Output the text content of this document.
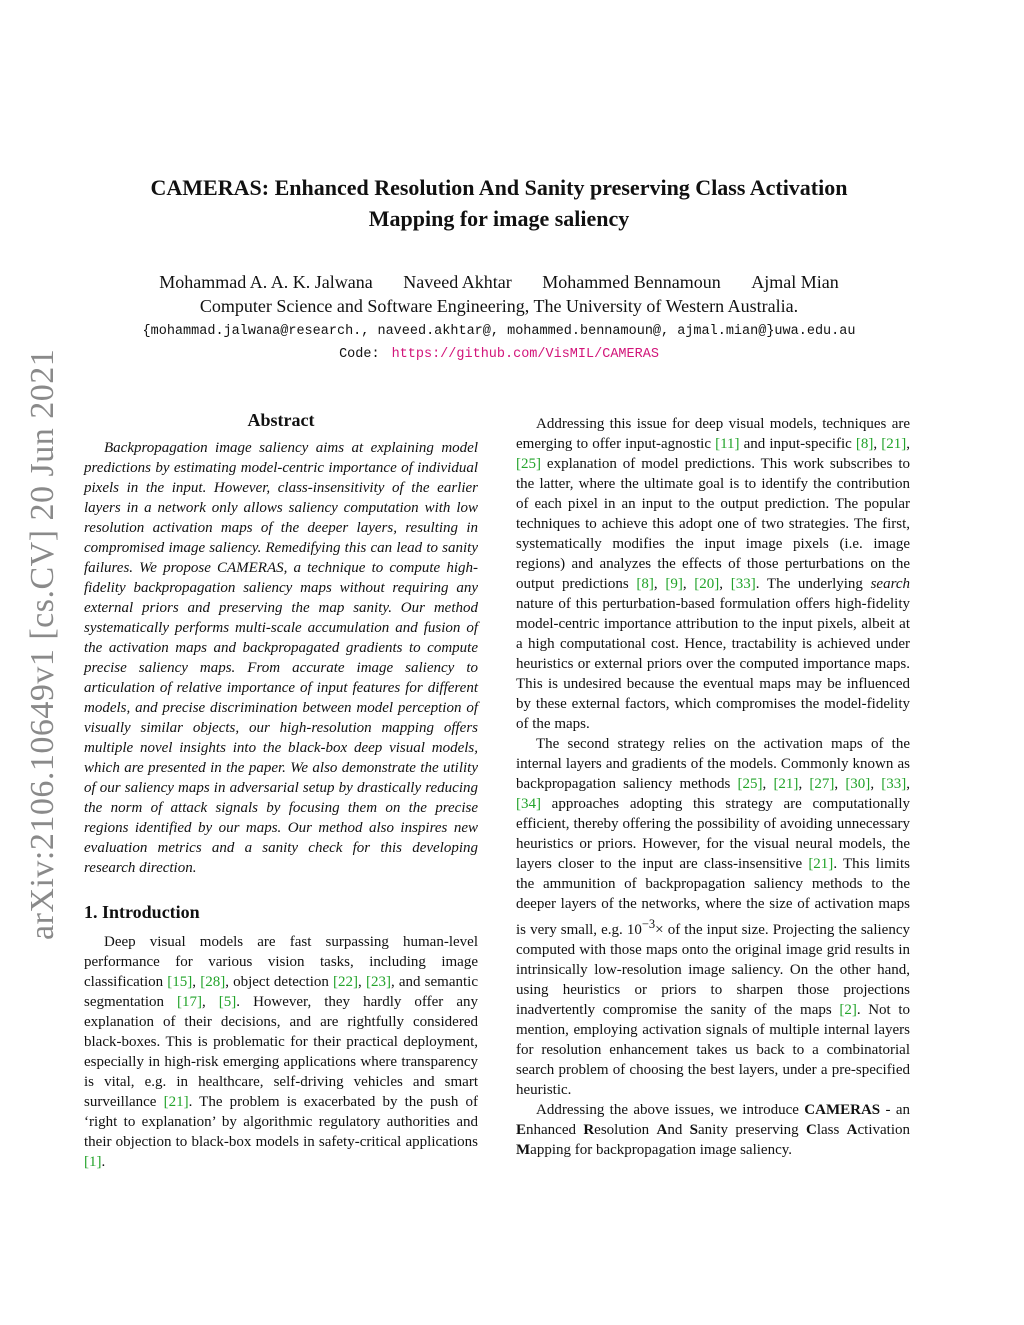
arXiv:2106.10649v1 [cs.CV] 20 Jun 2021
CAMERAS: Enhanced Resolution And Sanity preserving Class Activation
Mapping for image saliency
Mohammad A. A. K. Jalwana Naveed Akhtar Mohammed Bennamoun Ajmal Mian
Computer Science and Software Engineering, The University of Western Australia.
{mohammad.jalwana@research., naveed.akhtar@, mohammed.bennamoun@, ajmal.mian@}uwa.edu.au
Code: https://github.com/VisMIL/CAMERAS
Abstract

Backpropagation image saliency aims at explaining model predictions by estimating model-centric importance of individual pixels in the input. However, class-insensitivity of the earlier layers in a network only allows saliency computation with low resolution activation maps of the deeper layers, resulting in compromised image saliency. Remedifying this can lead to sanity failures. We propose CAMERAS, a technique to compute high-fidelity backpropagation saliency maps without requiring any external priors and preserving the map sanity. Our method systematically performs multi-scale accumulation and fusion of the activation maps and backpropagated gradients to compute precise saliency maps. From accurate image saliency to articulation of relative importance of input features for different models, and precise discrimination between model perception of visually similar objects, our high-resolution mapping offers multiple novel insights into the black-box deep visual models, which are presented in the paper. We also demonstrate the utility of our saliency maps in adversarial setup by drastically reducing the norm of attack signals by focusing them on the precise regions identified by our maps. Our method also inspires new evaluation metrics and a sanity check for this developing research direction.

1. Introduction

Deep visual models are fast surpassing human-level performance for various vision tasks, including image classification [15], [28], object detection [22], [23], and semantic segmentation [17], [5]. However, they hardly offer any explanation of their decisions, and are rightfully considered black-boxes. This is problematic for their practical deployment, especially in high-risk emerging applications where transparency is vital, e.g. in healthcare, self-driving vehicles and smart surveillance [21]. The problem is exacerbated by the push of ‘right to explanation’ by algorithmic regulatory authorities and their objection to black-box models in safety-critical applications [1].

Addressing this issue for deep visual models, techniques are emerging to offer input-agnostic [11] and input-specific [8], [21], [25] explanation of model predictions. This work subscribes to the latter, where the ultimate goal is to identify the contribution of each pixel in an input to the output prediction. The popular techniques to achieve this adopt one of two strategies. The first, systematically modifies the input image pixels (i.e. image regions) and analyzes the effects of those perturbations on the output predictions [8], [9], [20], [33]. The underlying search nature of this perturbation-based formulation offers high-fidelity model-centric importance attribution to the input pixels, albeit at a high computational cost. Hence, tractability is achieved under heuristics or external priors over the computed importance maps. This is undesired because the eventual maps may be influenced by these external factors, which compromises the model-fidelity of the maps.

The second strategy relies on the activation maps of the internal layers and gradients of the models. Commonly known as backpropagation saliency methods [25], [21], [27], [30], [33], [34] approaches adopting this strategy are computationally efficient, thereby offering the possibility of avoiding unnecessary heuristics or priors. However, for the visual neural models, the layers closer to the input are class-insensitive [21]. This limits the ammunition of backpropagation saliency methods to the deeper layers of the networks, where the size of activation maps is very small, e.g. $10^{-3}\times$ of the input size. Projecting the saliency computed with those maps onto the original image grid results in intrinsically low-resolution image saliency. On the other hand, using heuristics or priors to sharpen those projections inadvertently compromise the sanity of the maps [2]. Not to mention, employing activation signals of multiple internal layers for resolution enhancement takes us back to a combinatorial search problem of choosing the best layers, under a pre-specified heuristic.

Addressing the above issues, we introduce CAMERAS - an Enhanced Resolution And Sanity preserving Class Activation Mapping for backpropagation image saliency.
